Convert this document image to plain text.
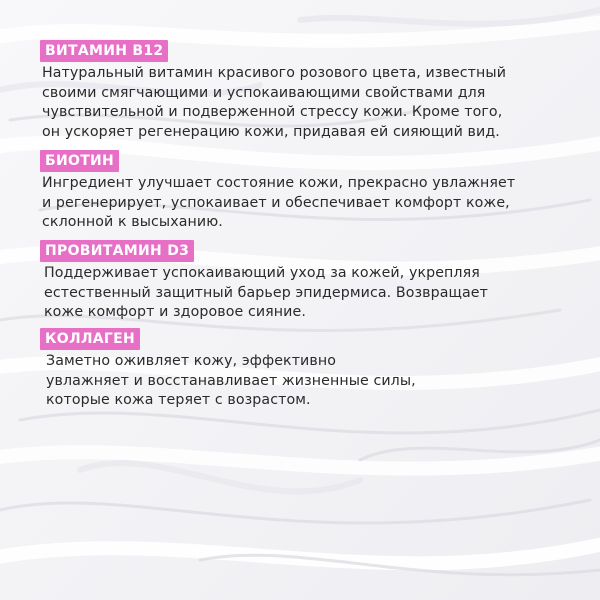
ВИТАМИН B12
Натуральный витамин красивого розового цвета, известный
своими смягчающими и успокаивающими свойствами для
чувствительной и подверженной стрессу кожи. Кроме того,
он ускоряет регенерацию кожи, придавая ей сияющий вид.
БИОТИН
Ингредиент улучшает состояние кожи, прекрасно увлажняет
и регенерирует, успокаивает и обеспечивает комфорт коже,
склонной к высыханию.
ПРОВИТАМИН D3
Поддерживает успокаивающий уход за кожей, укрепляя
естественный защитный барьер эпидермиса. Возвращает
коже комфорт и здоровое сияние.
КОЛЛАГЕН
Заметно оживляет кожу, эффективно
увлажняет и восстанавливает жизненные силы,
которые кожа теряет с возрастом.
